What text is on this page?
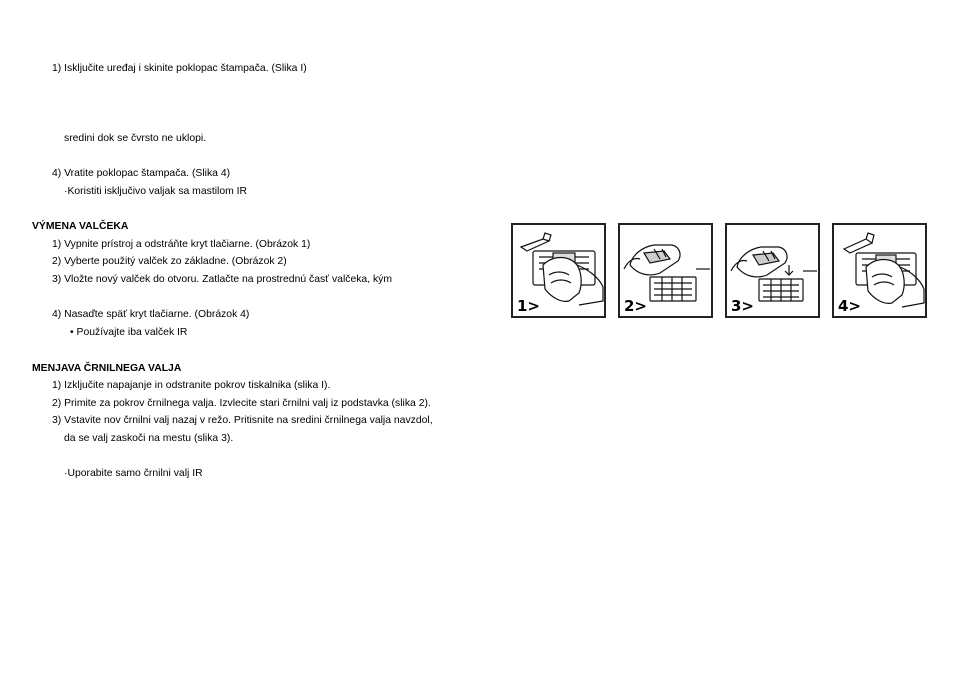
1) Isključite uređaj i skinite poklopac štampača. (Slika I)
sredini dok se čvrsto ne uklopi.
4) Vratite poklopac štampača. (Slika 4)
·Koristiti isključivo valjak sa mastilom IR
VÝMENA VALČEKA
1) Vypnite prístroj a odstráňte kryt tlačiarne. (Obrázok 1)
2) Vyberte použitý valček zo základne. (Obrázok 2)
3) Vložte nový valček do otvoru. Zatlačte na prostrednú časť valčeka, kým
4) Nasaďte späť kryt tlačiarne. (Obrázok 4)
• Používajte iba valček IR
MENJAVA ČRNILNEGA VALJA
1) Izključite napajanje in odstranite pokrov tiskalnika (slika I).
2) Primite za pokrov črnilnega valja. Izvlecite stari črnilni valj iz podstavka (slika 2).
3) Vstavite nov črnilni valj nazaj v režo. Pritisnite na sredini črnilnega valja navzdol,
da se valj zaskoči na mestu (slika 3).
·Uporabite samo črnilni valj IR
1>	2>	3>	4>
